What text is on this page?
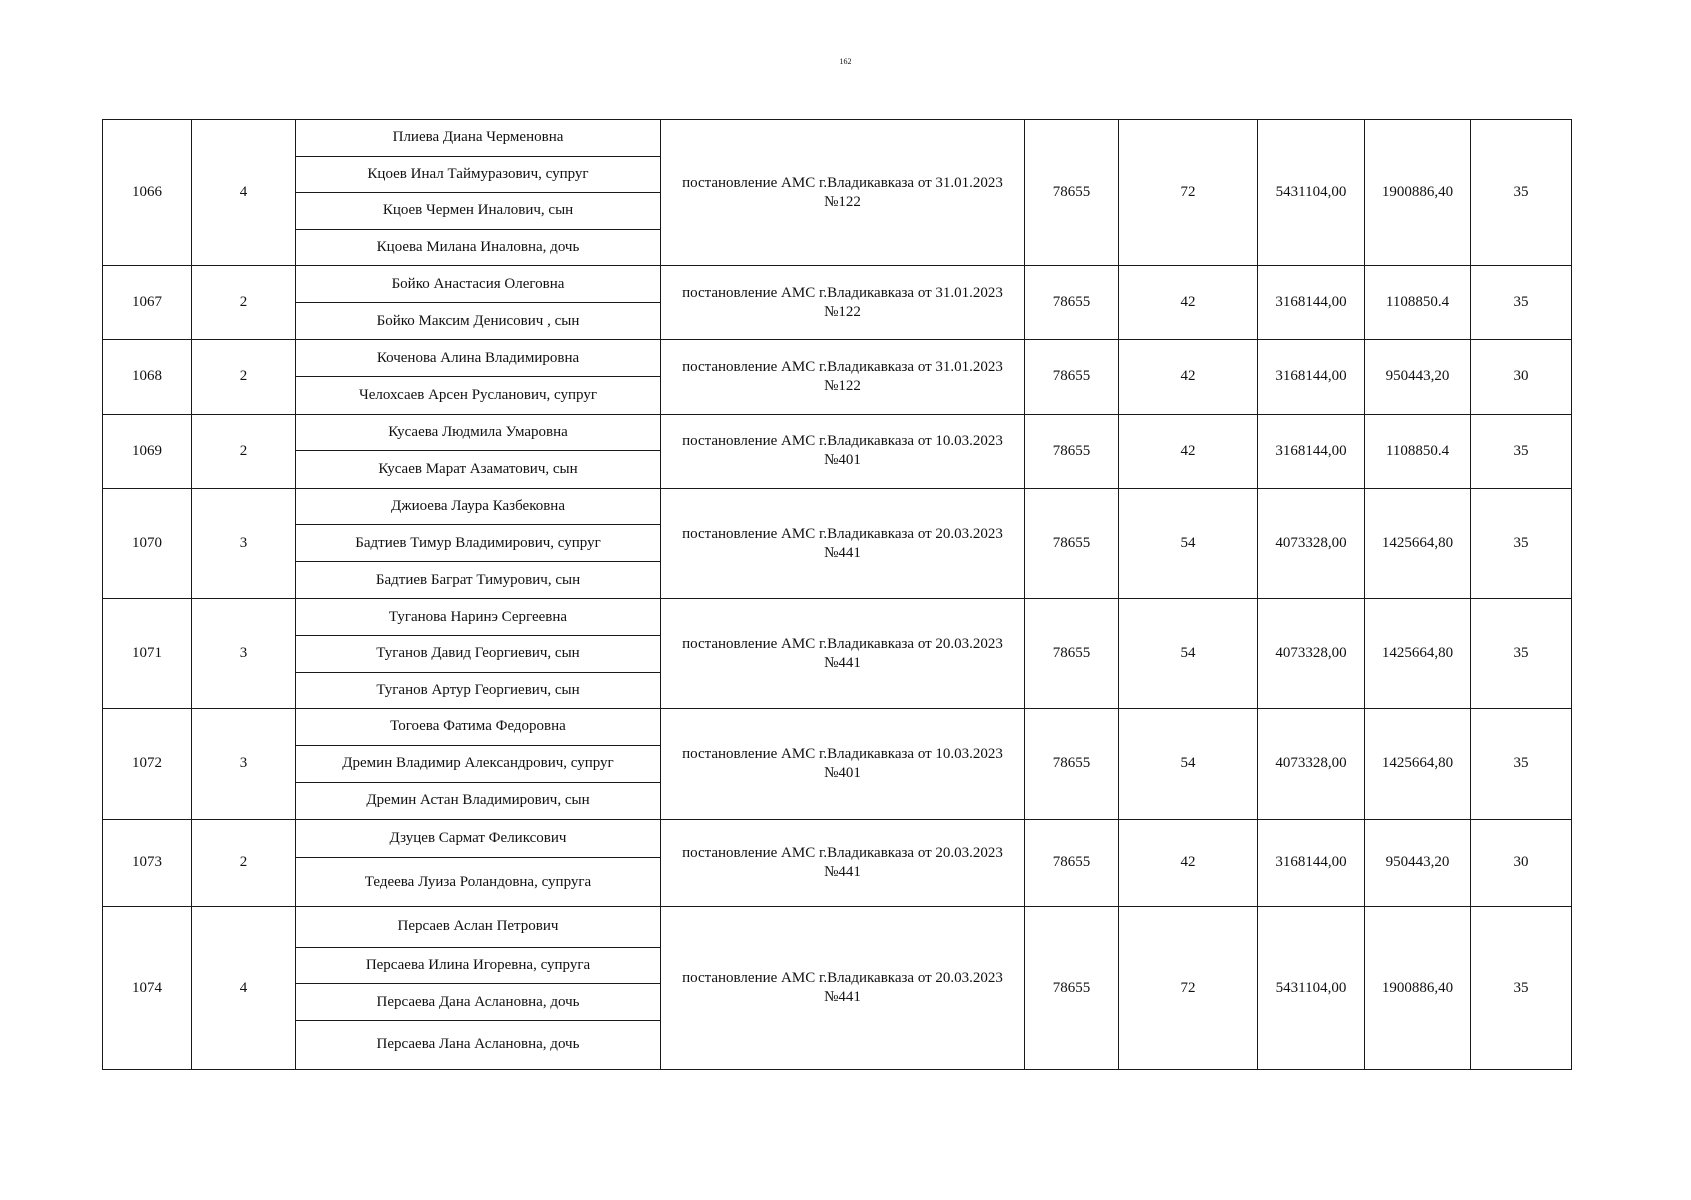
162
1066	4	Плиева Диана Черменовна	постановление АМС г.Владикавказа от 31.01.2023
№122	78655	72	5431104,00	1900886,40	35
		Кцоев Инал Таймуразович, супруг						
		Кцоев Чермен Иналович, сын						
		Кцоева Милана Иналовна, дочь						
1067	2	Бойко Анастасия Олеговна	постановление АМС г.Владикавказа от 31.01.2023
№122	78655	42	3168144,00	1108850.4	35
		Бойко Максим Денисович , сын						
1068	2	Коченова Алина Владимировна	постановление АМС г.Владикавказа от 31.01.2023
№122	78655	42	3168144,00	950443,20	30
		Челохсаев Арсен Русланович, супруг						
1069	2	Кусаева Людмила Умаровна	постановление АМС г.Владикавказа от 10.03.2023
№401	78655	42	3168144,00	1108850.4	35
		Кусаев Марат Азаматович, сын						
1070	3	Джиоева Лаура Казбековна	постановление АМС г.Владикавказа от 20.03.2023
№441	78655	54	4073328,00	1425664,80	35
		Бадтиев Тимур Владимирович, супруг						
		Бадтиев Баграт Тимурович, сын						
1071	3	Туганова Наринэ Сергеевна	постановление АМС г.Владикавказа от 20.03.2023
№441	78655	54	4073328,00	1425664,80	35
		Туганов Давид Георгиевич, сын						
		Туганов Артур Георгиевич, сын						
1072	3	Тогоева Фатима Федоровна	постановление АМС г.Владикавказа от 10.03.2023
№401	78655	54	4073328,00	1425664,80	35
		Дремин Владимир Александрович, супруг						
		Дремин Астан Владимирович, сын						
1073	2	Дзуцев Сармат Феликсович	постановление АМС г.Владикавказа от 20.03.2023
№441	78655	42	3168144,00	950443,20	30
		Тедеева Луиза Роландовна, супруга						
1074	4	Персаев Аслан Петрович	постановление АМС г.Владикавказа от 20.03.2023
№441	78655	72	5431104,00	1900886,40	35
		Персаева Илина Игоревна, супруга						
		Персаева Дана Аслановна, дочь						
		Персаева Лана Аслановна, дочь						
